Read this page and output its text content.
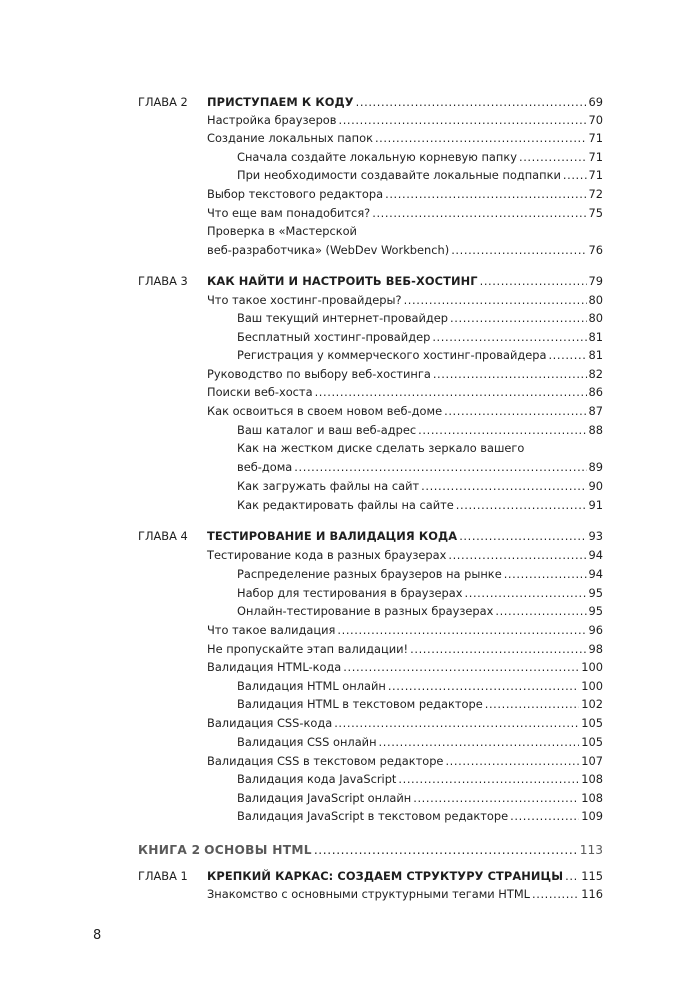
ГЛАВА 2 ПРИСТУПАЕМ К КОДУ .....	69
Настройка браузеров .....	70
Создание локальных папок .....	71
Сначала создайте локальную корневую папку .....	71
При необходимости создавайте локальные подпапки ..... 71
Выбор текстового редактора .....	72
Что еще вам понадобится? .....	75
Проверка в «Мастерской
веб-разработчика» (WebDev Workbench) .....	76
ГЛАВА 3 КАК НАЙТИ И НАСТРОИТЬ ВЕБ-ХОСТИНГ .....	79
Что такое хостинг-провайдеры? .....	80
Ваш текущий интернет-провайдер .....	80
Бесплатный хостинг-провайдер .....	81
Регистрация у коммерческого хостинг-провайдера .....	81
Руководство по выбору веб-хостинга .....	82
Поиски веб-хоста .....	86
Как освоиться в своем новом веб-доме .....	87
Ваш каталог и ваш веб-адрес .....	88
Как на жестком диске сделать зеркало вашего
веб-дома .....	89
Как загружать файлы на сайт .....	90
Как редактировать файлы на сайте .....	91
ГЛАВА 4 ТЕСТИРОВАНИЕ И ВАЛИДАЦИЯ КОДА .....	93
Тестирование кода в разных браузерах .....	94
Распределение разных браузеров на рынке .....	94
Набор для тестирования в браузерах .....	95
Онлайн-тестирование в разных браузерах .....	95
Что такое валидация .....	96
Не пропускайте этап валидации! .....	98
Валидация HTML-кода .....	100
Валидация HTML онлайн .....	100
Валидация HTML в текстовом редакторе .....	102
Валидация CSS-кода .....	105
Валидация CSS онлайн .....	105
Валидация CSS в текстовом редакторе .....	107
Валидация кода JavaScript .....	108
Валидация JavaScript онлайн .....	108
Валидация JavaScript в текстовом редакторе .....	109
КНИГА 2 ОСНОВЫ HTML .....	113
ГЛАВА 1 КРЕПКИЙ КАРКАС: СОЗДАЕМ СТРУКТУРУ СТРАНИЦЫ ..... 115
Знакомство с основными структурными тегами HTML .....	116
8
